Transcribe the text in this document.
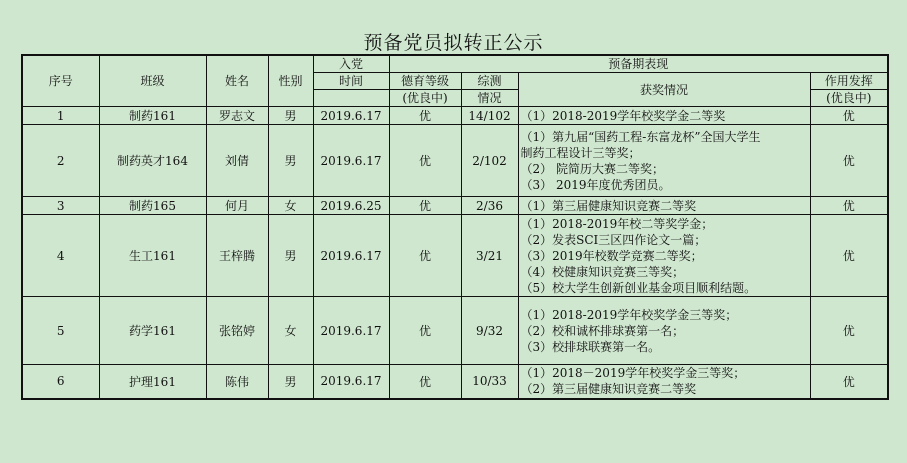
预备党员拟转正公示
序号	班级	姓名	性别	入党	预备期表现			
				时间	德育等级	综测	获奖情况	作用发挥
					(优良中)	情况		(优良中)
1	制药161	罗志文	男	2019.6.17	优	14/102	（1）2018-2019学年校奖学金二等奖	优
2	制药英才164	刘倩	男	2019.6.17	优	2/102	（1）第九届“国药工程-东富龙杯”全国大学生
制药工程设计三等奖；
（2） 院简历大赛二等奖；
（3） 2019年度优秀团员。	优
3	制药165	何月	女	2019.6.25	优	2/36	（1）第三届健康知识竞赛二等奖	优
4	生工161	王梓腾	男	2019.6.17	优	3/21	（1）2018-2019年校二等奖学金；
（2）发表SCI三区四作论文一篇；
（3）2019年校数学竞赛二等奖；
（4）校健康知识竞赛三等奖；
（5）校大学生创新创业基金项目顺利结题。	优
5	药学161	张铭婷	女	2019.6.17	优	9/32	（1）2018-2019学年校奖学金三等奖；
（2）校和诚杯排球赛第一名；
（3）校排球联赛第一名。	优
6	护理161	陈伟	男	2019.6.17	优	10/33	（1）2018－2019学年校奖学金三等奖；
（2）第三届健康知识竞赛二等奖	优
